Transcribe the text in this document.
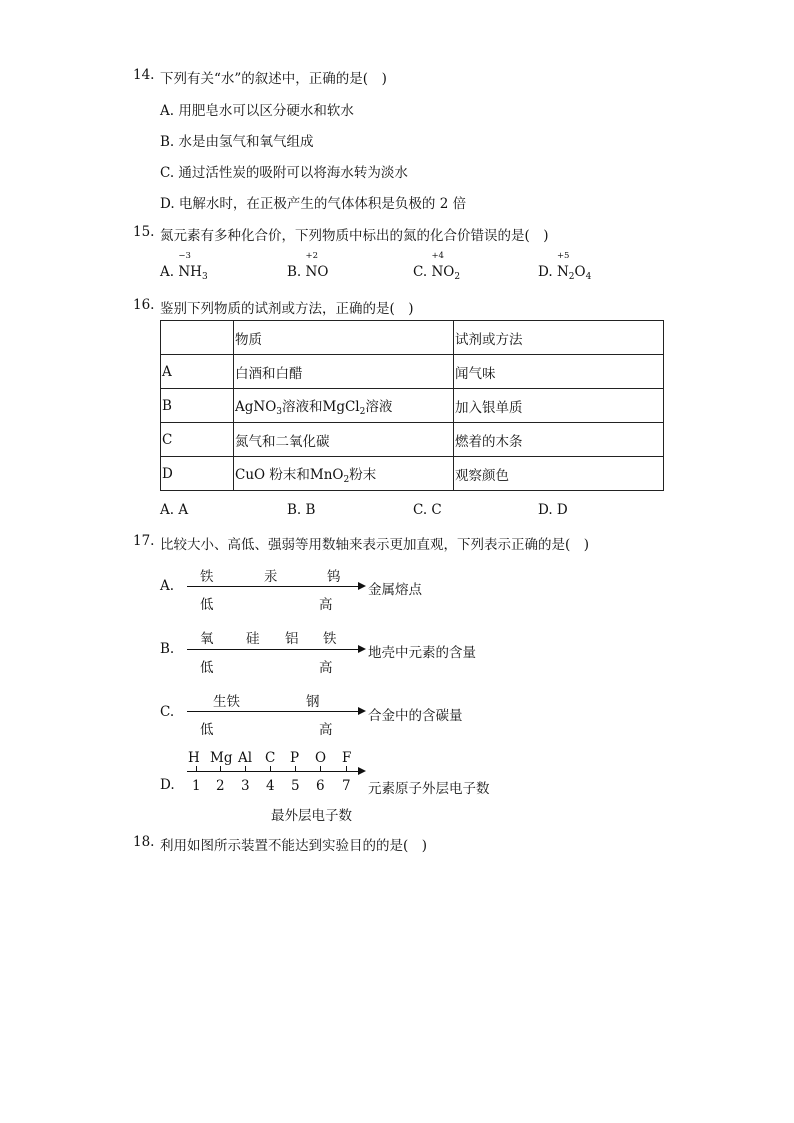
14. 下列有关“水”的叙述中，正确的是(　)
A. 用肥皂水可以区分硬水和软水
B. 水是由氢气和氧气组成
C. 通过活性炭的吸附可以将海水转为淡水
D. 电解水时，在正极产生的气体体积是负极的 2 倍
15. 氮元素有多种化合价，下列物质中标出的氮的化合价错误的是(　)
A.
−3
$NH_3$	B.
+2
NO	C.
+4
$NO_2$	D.
+5
$N_2O_4$
16. 鉴别下列物质的试剂或方法，正确的是(　)
	物质	试剂或方法
A	白酒和白醋	闻气味
B	AgNO$_3$溶液和MgCl$_2$溶液	加入银单质
C	氮气和二氧化碳	燃着的木条
D	CuO 粉末和MnO$_2$粉末	观察颜色
A. A	B. B	C. C	D. D
17. 比较大小、高低、强弱等用数轴来表示更加直观，下列表示正确的是(　)
A.
铁	汞	钨
低	高
金属熔点
B.
氧 硅 铝 铁
低	高
地壳中元素的含量
C.
生铁	钢
低	高
合金中的含碳量
D.
H Mg Al C P O F
1 2 3 4 5 6 7 元素原子外层电子数
最外层电子数
18. 利用如图所示装置不能达到实验目的的是(　)
